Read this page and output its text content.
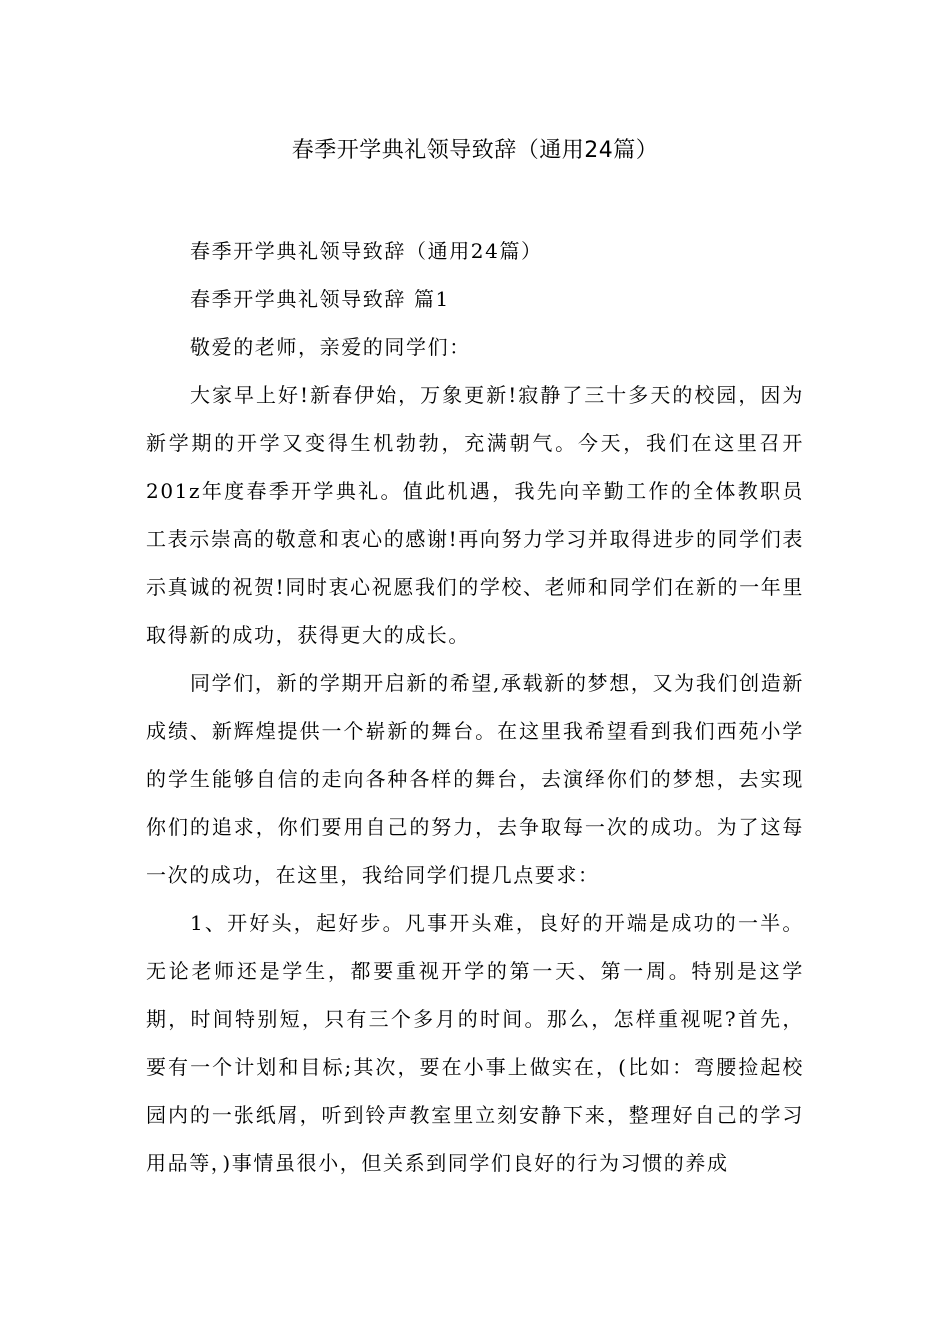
春季开学典礼领导致辞（通用24篇）

春季开学典礼领导致辞（通用24篇）

春季开学典礼领导致辞 篇1

敬爱的老师，亲爱的同学们：

大家早上好!新春伊始，万象更新!寂静了三十多天的校园，因为新学期的开学又变得生机勃勃，充满朝气。今天，我们在这里召开201z年度春季开学典礼。值此机遇，我先向辛勤工作的全体教职员工表示崇高的敬意和衷心的感谢!再向努力学习并取得进步的同学们表示真诚的祝贺!同时衷心祝愿我们的学校、老师和同学们在新的一年里取得新的成功，获得更大的成长。

同学们，新的学期开启新的希望,承载新的梦想，又为我们创造新成绩、新辉煌提供一个崭新的舞台。在这里我希望看到我们西苑小学的学生能够自信的走向各种各样的舞台，去演绎你们的梦想，去实现你们的追求，你们要用自己的努力，去争取每一次的成功。为了这每一次的成功，在这里，我给同学们提几点要求：

1、开好头，起好步。凡事开头难，良好的开端是成功的一半。无论老师还是学生，都要重视开学的第一天、第一周。特别是这学期，时间特别短，只有三个多月的时间。那么，怎样重视呢?首先，要有一个计划和目标;其次，要在小事上做实在，(比如：弯腰捡起校园内的一张纸屑，听到铃声教室里立刻安静下来，整理好自己的学习用品等，)事情虽很小，但关系到同学们良好的行为习惯的养成
